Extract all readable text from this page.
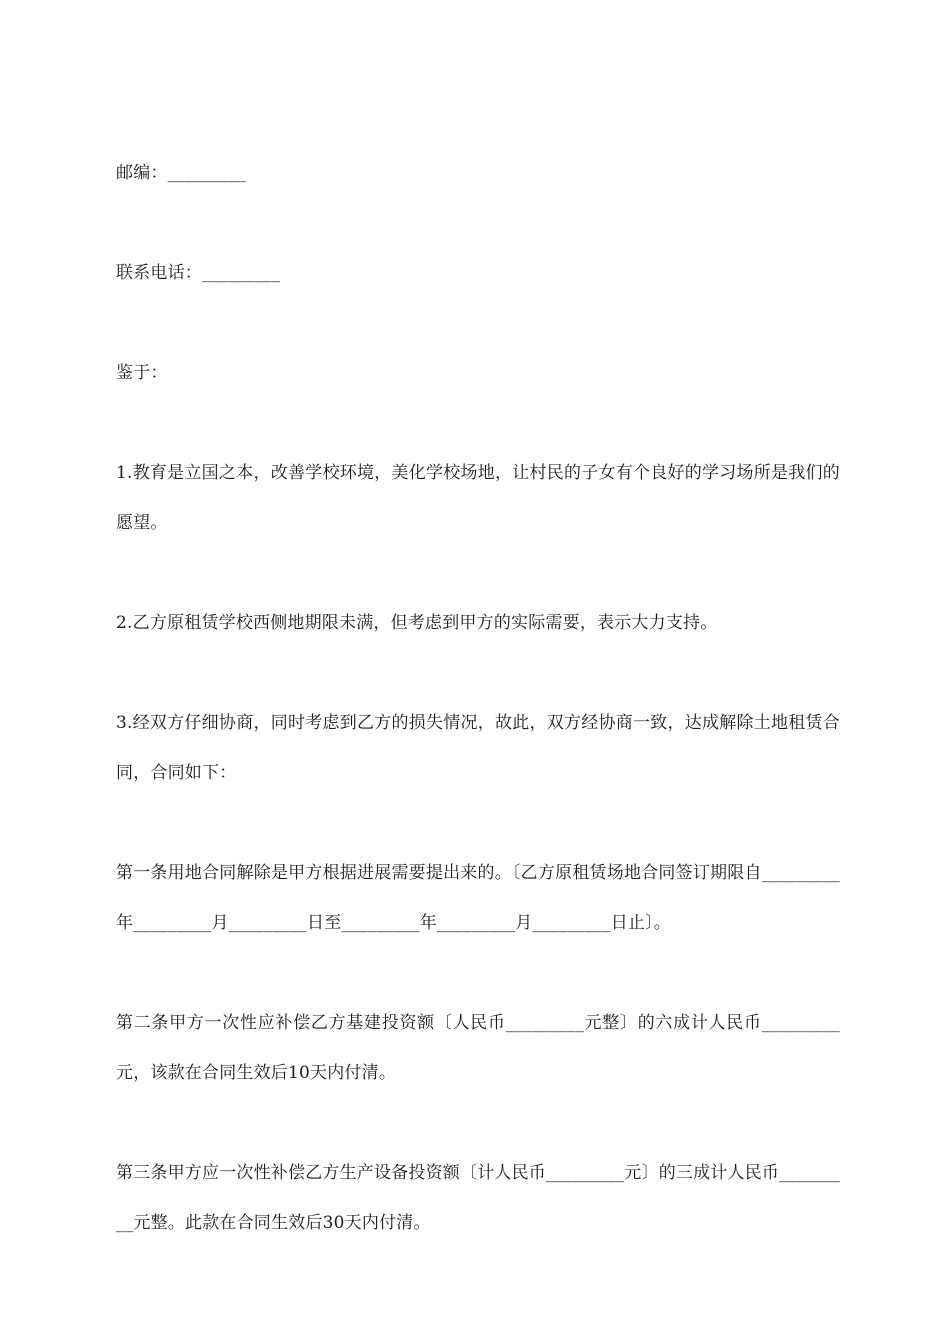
邮编：_________

联系电话：_________

鉴于：

1.教育是立国之本，改善学校环境，美化学校场地，让村民的子女有个良好的学习场所是我们的愿望。

2.乙方原租赁学校西侧地期限未满，但考虑到甲方的实际需要，表示大力支持。

3.经双方仔细协商，同时考虑到乙方的损失情况，故此，双方经协商一致，达成解除土地租赁合同，合同如下：

第一条用地合同解除是甲方根据进展需要提出来的。〔乙方原租赁场地合同签订期限自_________年_________月_________日至_________年_________月_________日止〕。

第二条甲方一次性应补偿乙方基建投资额〔人民币_________元整〕的六成计人民币_________元，该款在合同生效后10天内付清。

第三条甲方应一次性补偿乙方生产设备投资额〔计人民币_________元〕的三成计人民币_________元整。此款在合同生效后30天内付清。
